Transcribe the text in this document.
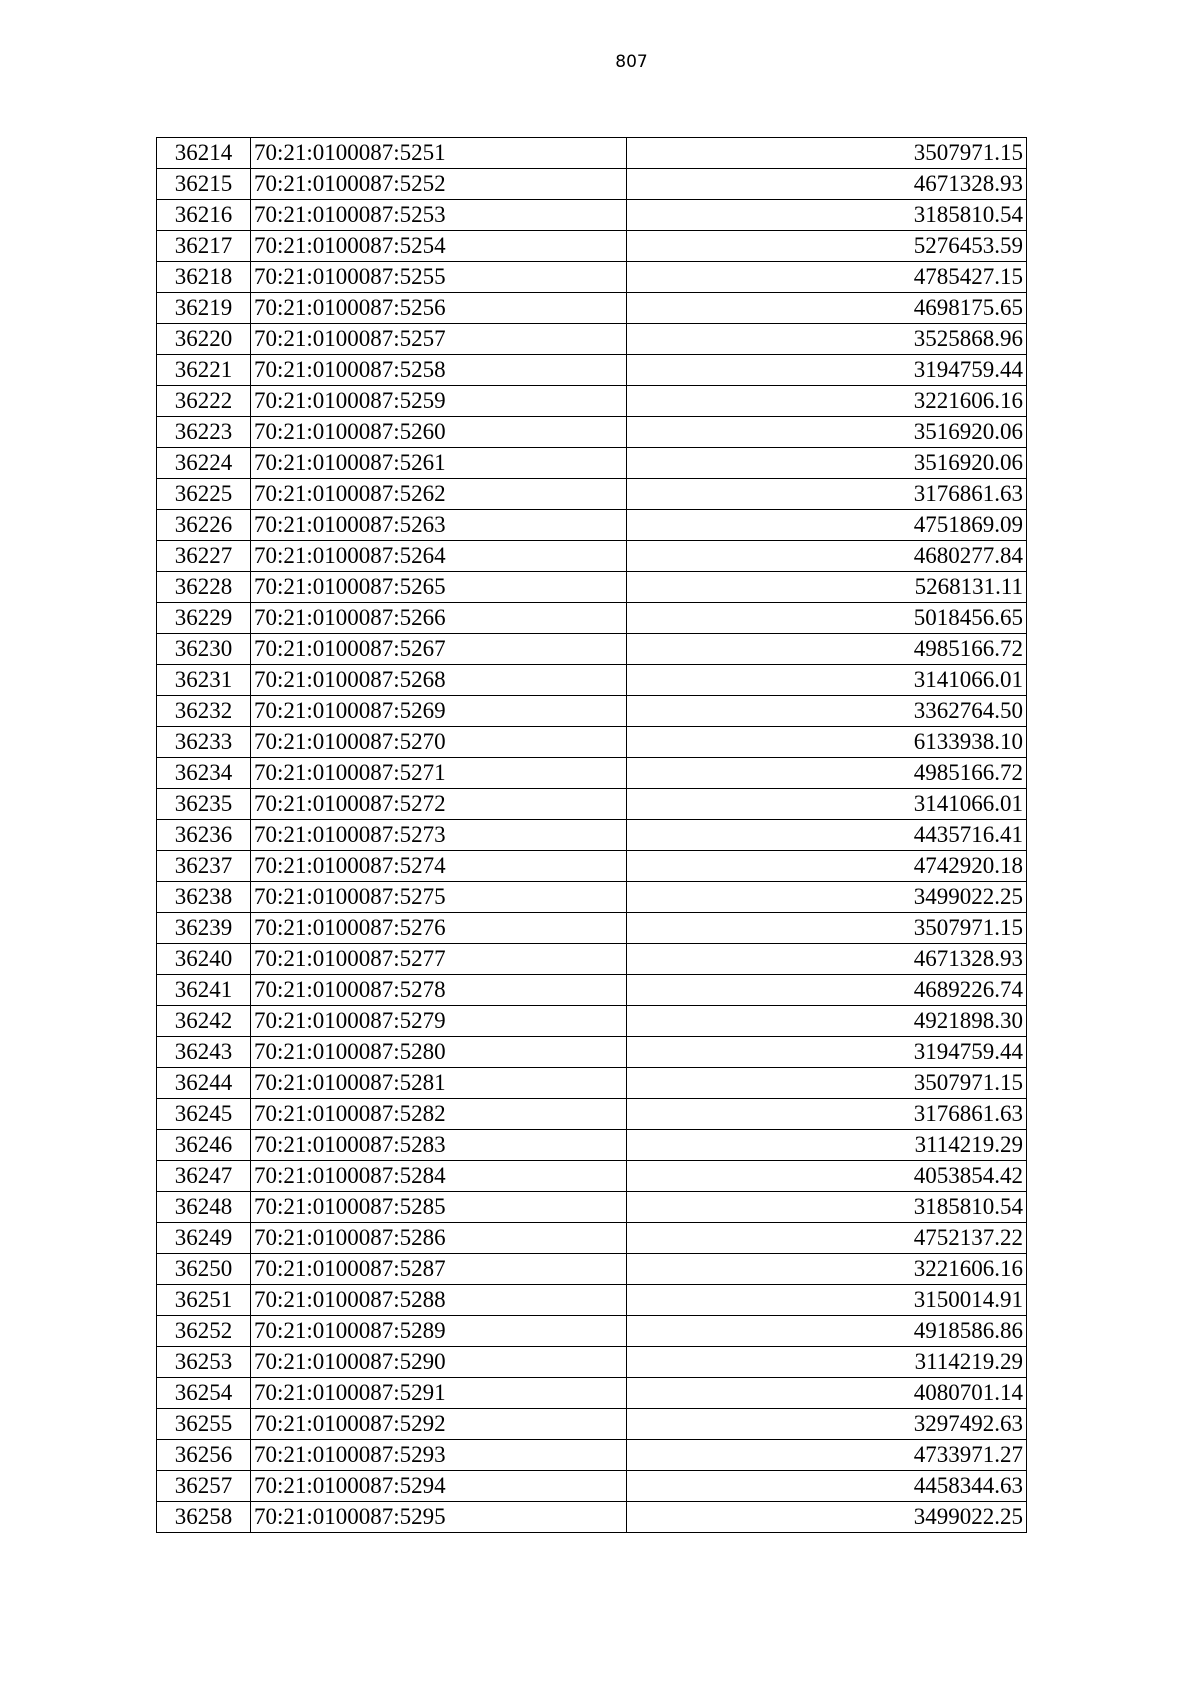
807
36214	70:21:0100087:5251	3507971.15
36215	70:21:0100087:5252	4671328.93
36216	70:21:0100087:5253	3185810.54
36217	70:21:0100087:5254	5276453.59
36218	70:21:0100087:5255	4785427.15
36219	70:21:0100087:5256	4698175.65
36220	70:21:0100087:5257	3525868.96
36221	70:21:0100087:5258	3194759.44
36222	70:21:0100087:5259	3221606.16
36223	70:21:0100087:5260	3516920.06
36224	70:21:0100087:5261	3516920.06
36225	70:21:0100087:5262	3176861.63
36226	70:21:0100087:5263	4751869.09
36227	70:21:0100087:5264	4680277.84
36228	70:21:0100087:5265	5268131.11
36229	70:21:0100087:5266	5018456.65
36230	70:21:0100087:5267	4985166.72
36231	70:21:0100087:5268	3141066.01
36232	70:21:0100087:5269	3362764.50
36233	70:21:0100087:5270	6133938.10
36234	70:21:0100087:5271	4985166.72
36235	70:21:0100087:5272	3141066.01
36236	70:21:0100087:5273	4435716.41
36237	70:21:0100087:5274	4742920.18
36238	70:21:0100087:5275	3499022.25
36239	70:21:0100087:5276	3507971.15
36240	70:21:0100087:5277	4671328.93
36241	70:21:0100087:5278	4689226.74
36242	70:21:0100087:5279	4921898.30
36243	70:21:0100087:5280	3194759.44
36244	70:21:0100087:5281	3507971.15
36245	70:21:0100087:5282	3176861.63
36246	70:21:0100087:5283	3114219.29
36247	70:21:0100087:5284	4053854.42
36248	70:21:0100087:5285	3185810.54
36249	70:21:0100087:5286	4752137.22
36250	70:21:0100087:5287	3221606.16
36251	70:21:0100087:5288	3150014.91
36252	70:21:0100087:5289	4918586.86
36253	70:21:0100087:5290	3114219.29
36254	70:21:0100087:5291	4080701.14
36255	70:21:0100087:5292	3297492.63
36256	70:21:0100087:5293	4733971.27
36257	70:21:0100087:5294	4458344.63
36258	70:21:0100087:5295	3499022.25
